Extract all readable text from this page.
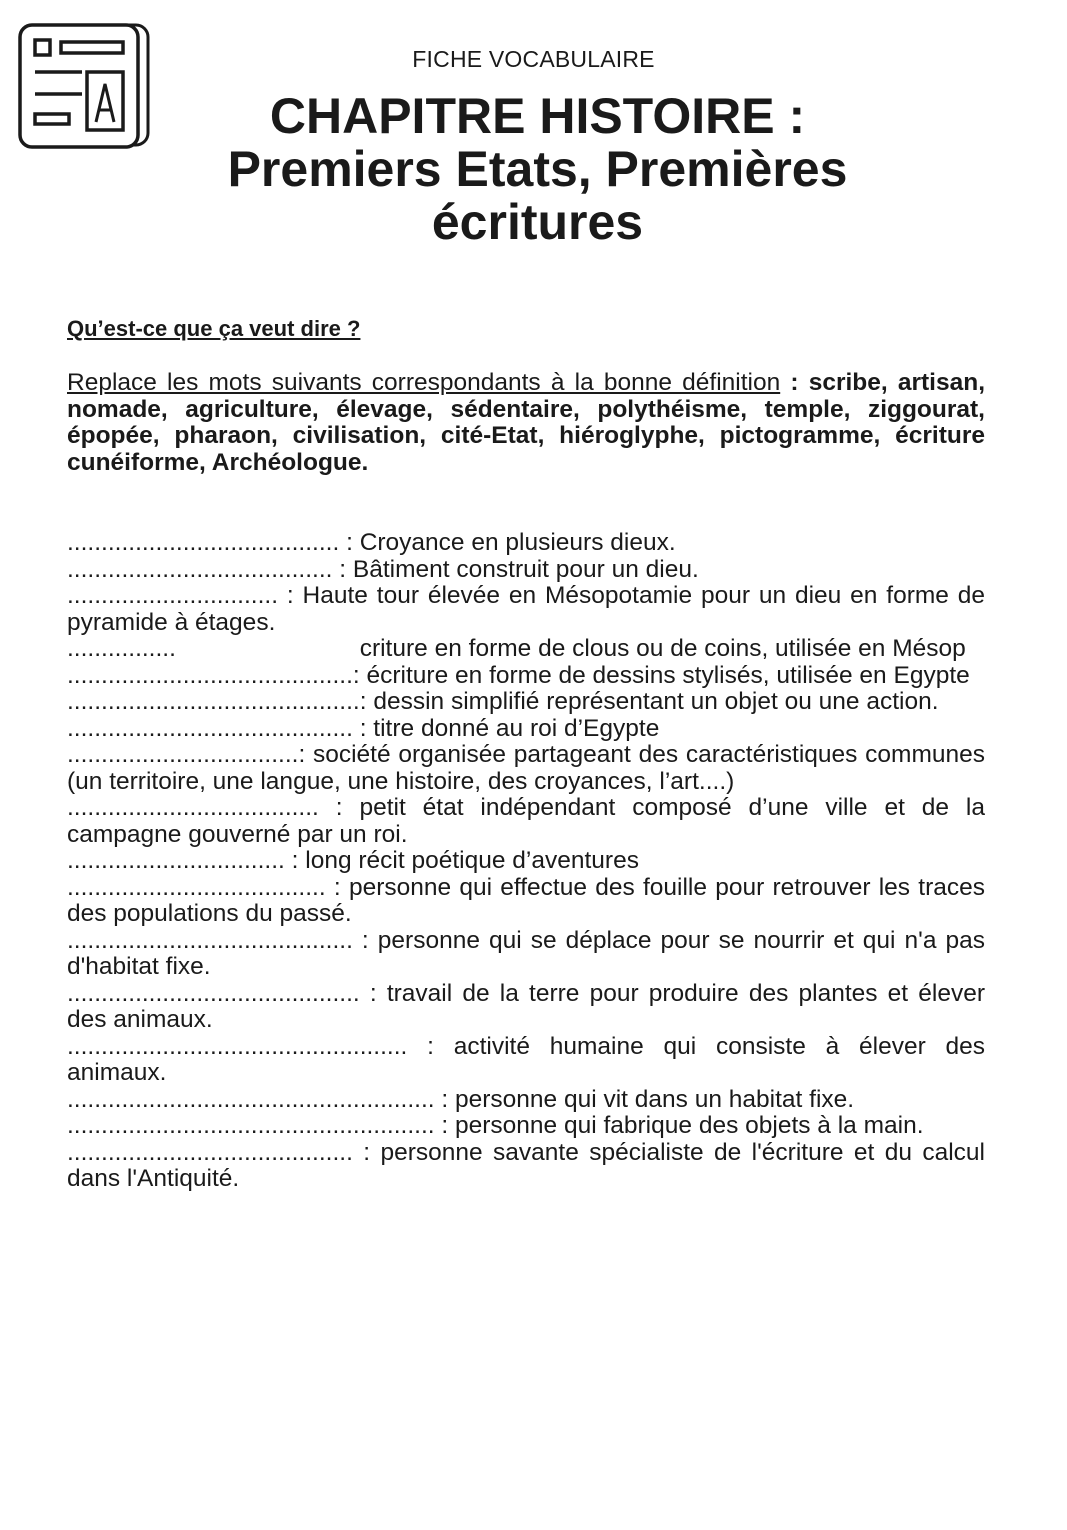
FICHE VOCABULAIRE
CHAPITRE HISTOIRE :
Premiers Etats, Premières
écritures
Qu’est-ce que ça veut dire ?
Replace les mots suivants correspondants à la bonne définition : scribe, artisan, nomade, agriculture, élevage, sédentaire, polythéisme, temple, ziggourat, épopée, pharaon, civilisation, cité-Etat, hiéroglyphe, pictogramme, écriture cunéiforme, Archéologue.
........................................ : Croyance en plusieurs dieux.
....................................... : Bâtiment construit pour un dieu.
............................... : Haute tour élevée en Mésopotamie pour un dieu en forme de pyramide à étages.
................                           criture en forme de clous ou de coins, utilisée en Mésop
..........................................: écriture en forme de dessins stylisés, utilisée en Egypte
...........................................: dessin simplifié représentant un objet ou une action.
.......................................... : titre donné au roi d’Egypte
..................................: société organisée partageant des caractéristiques communes (un territoire, une langue, une histoire, des croyances, l’art....)
..................................... : petit état indépendant composé d’une ville et de la campagne gouverné par un roi.
................................ : long récit poétique d’aventures
...................................... : personne qui effectue des fouille pour retrouver les traces des populations du passé.
.......................................... : personne qui se déplace pour se nourrir et qui n'a pas d'habitat fixe.
........................................... : travail de la terre pour produire des plantes et élever des animaux.
.................................................. : activité humaine qui consiste à élever des animaux.
...................................................... : personne qui vit dans un habitat fixe.
...................................................... : personne qui fabrique des objets à la main.
.......................................... : personne savante spécialiste de l'écriture et du calcul dans l'Antiquité.
